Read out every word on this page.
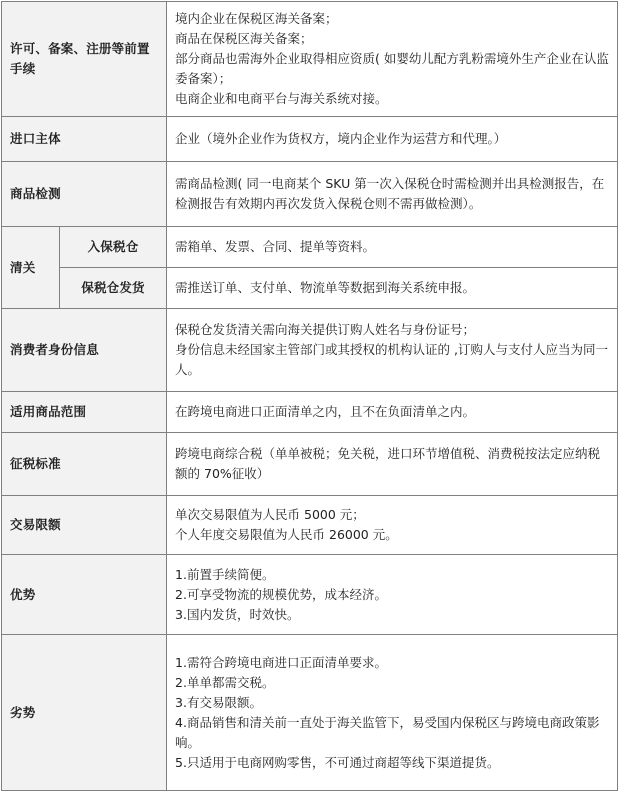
许可、备案、注册等前置手续		境内企业在保税区海关备案；
商品在保税区海关备案；
部分商品也需海外企业取得相应资质( 如婴幼儿配方乳粉需境外生产企业在认监委备案）；
电商企业和电商平台与海关系统对接。

进口主体		企业（境外企业作为货权方，境内企业作为运营方和代理。）

商品检测		需商品检测( 同一电商某个 SKU 第一次入保税仓时需检测并出具检测报告，在检测报告有效期内再次发货入保税仓则不需再做检测）。

清关	入保税仓	需箱单、发票、合同、提单等资料。

	保税仓发货	需推送订单、支付单、物流单等数据到海关系统申报。

消费者身份信息		保税仓发货清关需向海关提供订购人姓名与身份证号；
身份信息未经国家主管部门或其授权的机构认证的 ,订购人与支付人应当为同一人。

适用商品范围		在跨境电商进口正面清单之内，且不在负面清单之内。

征税标准		跨境电商综合税（单单被税；免关税，进口环节增值税、消费税按法定应纳税额的 70%征收）

交易限额		单次交易限值为人民币 5000 元；
个人年度交易限值为人民币 26000 元。

优势		1.前置手续简便。
2.可享受物流的规模优势，成本经济。
3.国内发货，时效快。

劣势		1.需符合跨境电商进口正面清单要求。
2.单单都需交税。
3.有交易限额。
4.商品销售和清关前一直处于海关监管下，易受国内保税区与跨境电商政策影响。
5.只适用于电商网购零售，不可通过商超等线下渠道提货。
